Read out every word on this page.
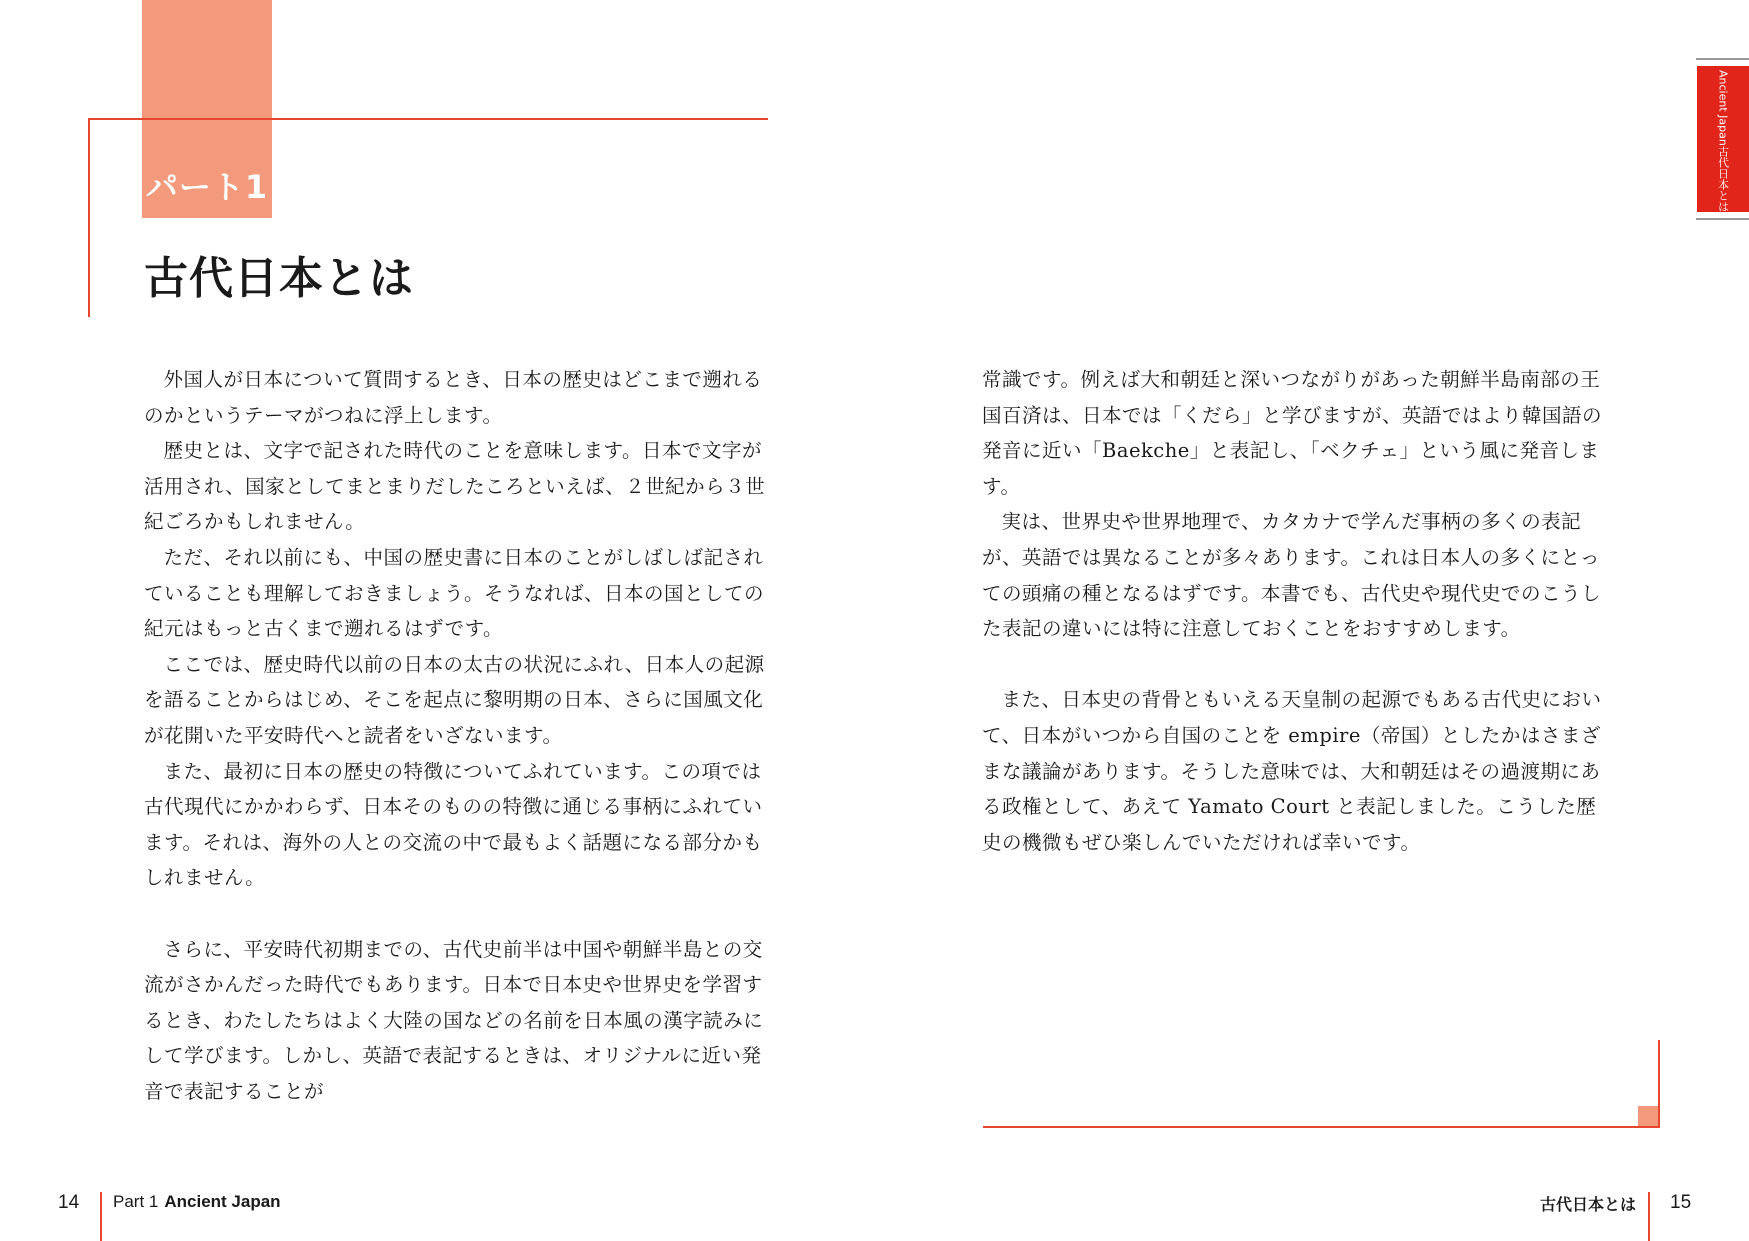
パート1
古代日本とは

外国人が日本について質問するとき、日本の歴史はどこまで遡れるのかというテーマがつねに浮上します。

歴史とは、文字で記された時代のことを意味します。日本で文字が活用され、国家としてまとまりだしたころといえば、２世紀から３世紀ごろかもしれません。

ただ、それ以前にも、中国の歴史書に日本のことがしばしば記されていることも理解しておきましょう。そうなれば、日本の国としての紀元はもっと古くまで遡れるはずです。

ここでは、歴史時代以前の日本の太古の状況にふれ、日本人の起源を語ることからはじめ、そこを起点に黎明期の日本、さらに国風文化が花開いた平安時代へと読者をいざないます。

また、最初に日本の歴史の特徴についてふれています。この項では古代現代にかかわらず、日本そのものの特徴に通じる事柄にふれています。それは、海外の人との交流の中で最もよく話題になる部分かもしれません。

さらに、平安時代初期までの、古代史前半は中国や朝鮮半島との交流がさかんだった時代でもあります。日本で日本史や世界史を学習するとき、わたしたちはよく大陸の国などの名前を日本風の漢字読みにして学びます。しかし、英語で表記するときは、オリジナルに近い発音で表記することが

常識です。例えば大和朝廷と深いつながりがあった朝鮮半島南部の王国百済は、日本では「くだら」と学びますが、英語ではより韓国語の発音に近い「Baekche」と表記し、「ベクチェ」という風に発音します。

実は、世界史や世界地理で、カタカナで学んだ事柄の多くの表記が、英語では異なることが多々あります。これは日本人の多くにとっての頭痛の種となるはずです。本書でも、古代史や現代史でのこうした表記の違いには特に注意しておくことをおすすめします。

また、日本史の背骨ともいえる天皇制の起源でもある古代史において、日本がいつから自国のことを empire（帝国）としたかはさまざまな議論があります。そうした意味では、大和朝廷はその過渡期にある政権として、あえて Yamato Court と表記しました。こうした歴史の機微もぜひ楽しんでいただければ幸いです。

Ancient Japan
古代日本とは
14 Part 1 Ancient Japan	古代日本とは 15
